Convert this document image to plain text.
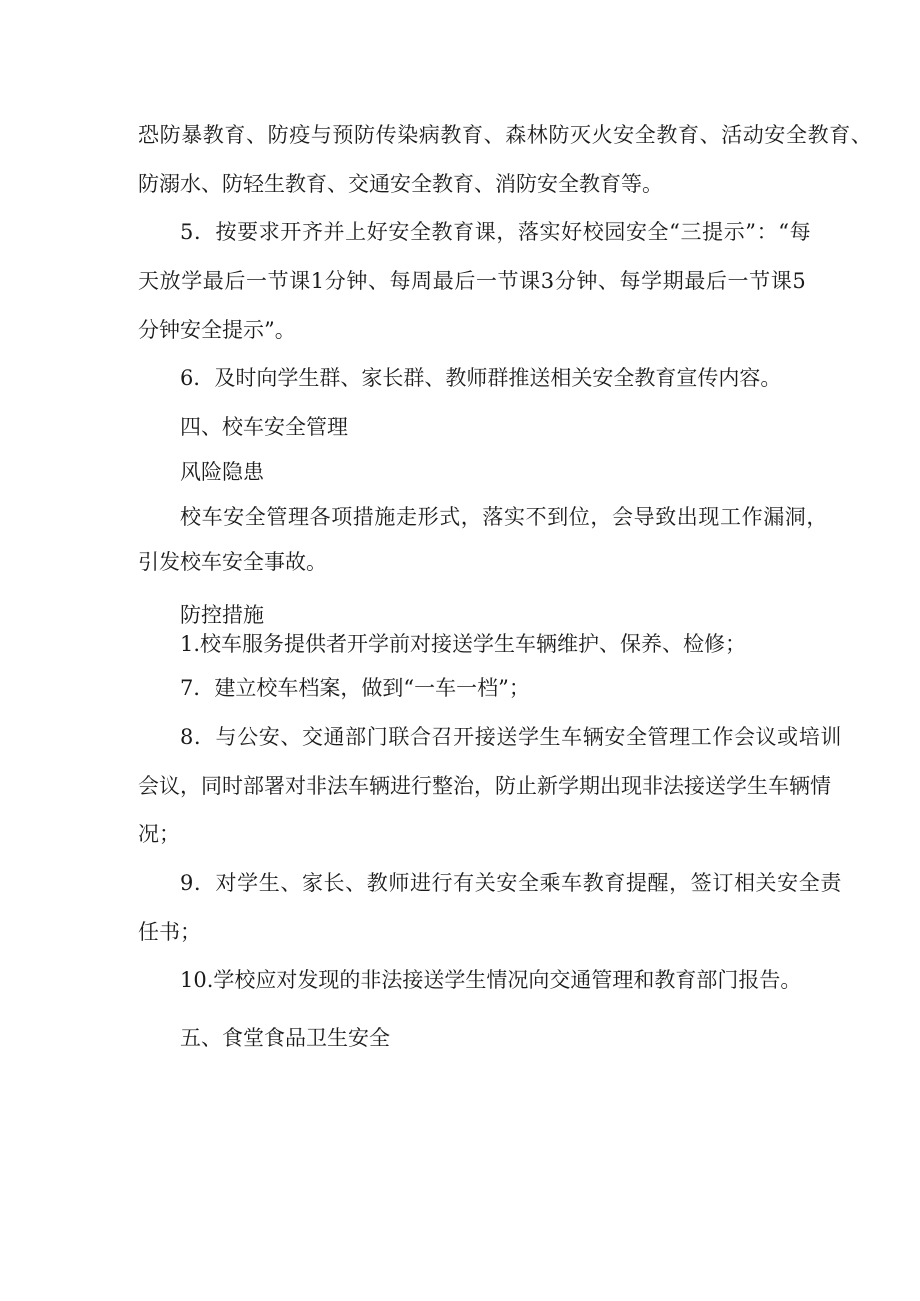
恐防暴教育、防疫与预防传染病教育、森林防灭火安全教育、活动安全教育、
防溺水、防轻生教育、交通安全教育、消防安全教育等。
5．按要求开齐并上好安全教育课，落实好校园安全“三提示”：“每
天放学最后一节课1分钟、每周最后一节课3分钟、每学期最后一节课5
分钟安全提示”。
6．及时向学生群、家长群、教师群推送相关安全教育宣传内容。
四、校车安全管理
风险隐患
校车安全管理各项措施走形式，落实不到位，会导致出现工作漏洞，
引发校车安全事故。
防控措施
1.校车服务提供者开学前对接送学生车辆维护、保养、检修；
7．建立校车档案，做到“一车一档”；
8．与公安、交通部门联合召开接送学生车辆安全管理工作会议或培训
会议，同时部署对非法车辆进行整治，防止新学期出现非法接送学生车辆情
况；
9．对学生、家长、教师进行有关安全乘车教育提醒，签订相关安全责
任书；
10.学校应对发现的非法接送学生情况向交通管理和教育部门报告。
五、食堂食品卫生安全
